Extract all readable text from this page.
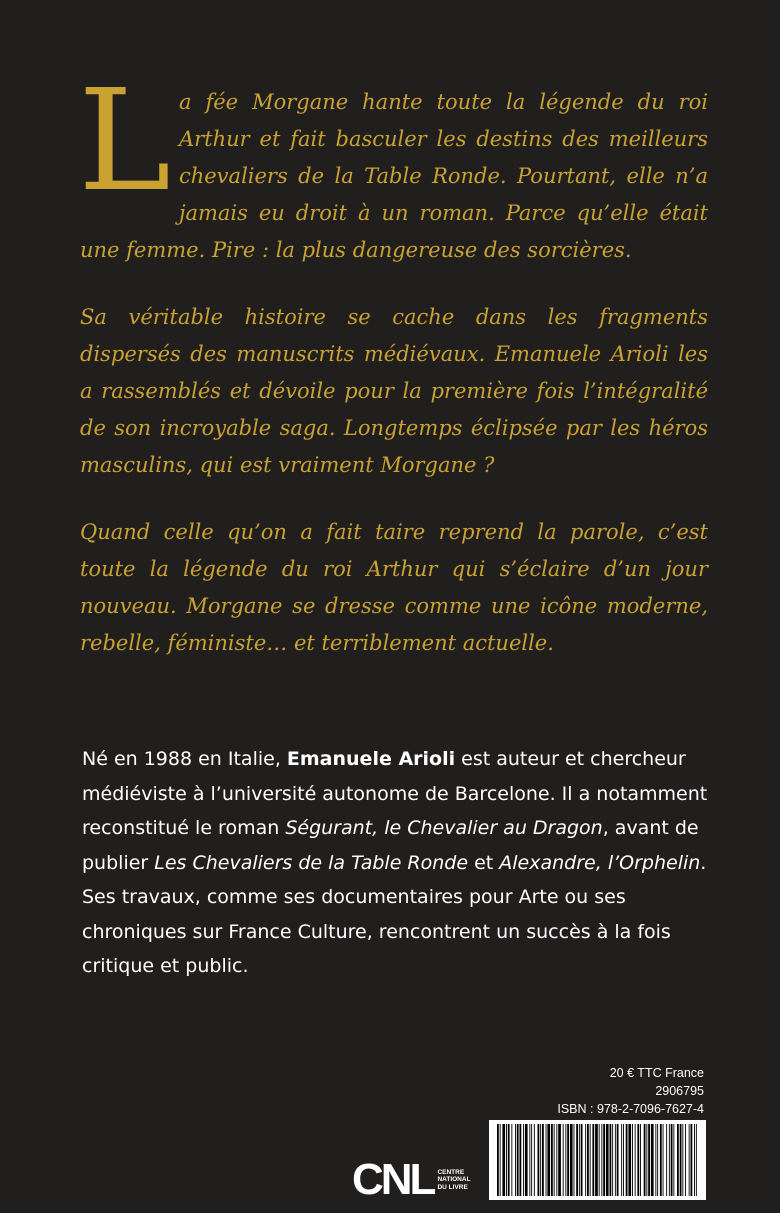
La fée Morgane hante toute la légende du roi Arthur et fait basculer les destins des meilleurs chevaliers de la Table Ronde. Pourtant, elle n’a jamais eu droit à un roman. Parce qu’elle était une femme. Pire : la plus dangereuse des sorcières.

Sa véritable histoire se cache dans les fragments dispersés des manuscrits médiévaux. Emanuele Arioli les a rassemblés et dévoile pour la première fois l’intégralité de son incroyable saga. Longtemps éclipsée par les héros masculins, qui est vraiment Morgane ?

Quand celle qu’on a fait taire reprend la parole, c’est toute la légende du roi Arthur qui s’éclaire d’un jour nouveau. Morgane se dresse comme une icône moderne, rebelle, féministe… et terriblement actuelle.

Né en 1988 en Italie, Emanuele Arioli est auteur et chercheur médiéviste à l’université autonome de Barcelone. Il a notamment reconstitué le roman Ségurant, le Chevalier au Dragon, avant de publier Les Chevaliers de la Table Ronde et Alexandre, l’Orphelin. Ses travaux, comme ses documentaires pour Arte ou ses chroniques sur France Culture, rencontrent un succès à la fois critique et public.

20 € TTC France
2906795
ISBN : 978-2-7096-7627-4
CNL CENTRE
NATIONAL
DU LIVRE
